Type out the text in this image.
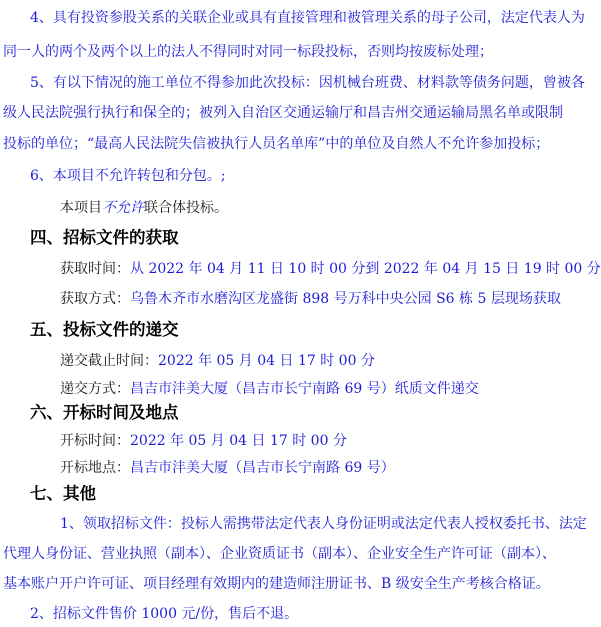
4、具有投资参股关系的关联企业或具有直接管理和被管理关系的母子公司，法定代表人为
同一人的两个及两个以上的法人不得同时对同一标段投标，否则均按废标处理；
5、有以下情况的施工单位不得参加此次投标：因机械台班费、材料款等债务问题，曾被各
级人民法院强行执行和保全的；被列入自治区交通运输厅和昌吉州交通运输局黑名单或限制
投标的单位；“最高人民法院失信被执行人员名单库”中的单位及自然人不允许参加投标；
6、本项目不允许转包和分包。;
本项目不允许联合体投标。
四、招标文件的获取
获取时间：从 2022 年 04 月 11 日 10 时 00 分到 2022 年 04 月 15 日 19 时 00 分
获取方式：乌鲁木齐市水磨沟区龙盛街 898 号万科中央公园 S6 栋 5 层现场获取
五、投标文件的递交
递交截止时间：2022 年 05 月 04 日 17 时 00 分
递交方式：昌吉市沣美大厦（昌吉市长宁南路 69 号）纸质文件递交
六、开标时间及地点
开标时间：2022 年 05 月 04 日 17 时 00 分
开标地点：昌吉市沣美大厦（昌吉市长宁南路 69 号）
七、其他
1、领取招标文件：投标人需携带法定代表人身份证明或法定代表人授权委托书、法定
代理人身份证、营业执照（副本）、企业资质证书（副本）、企业安全生产许可证（副本）、
基本账户开户许可证、项目经理有效期内的建造师注册证书、B 级安全生产考核合格证。
2、招标文件售价 1000 元/份，售后不退。
